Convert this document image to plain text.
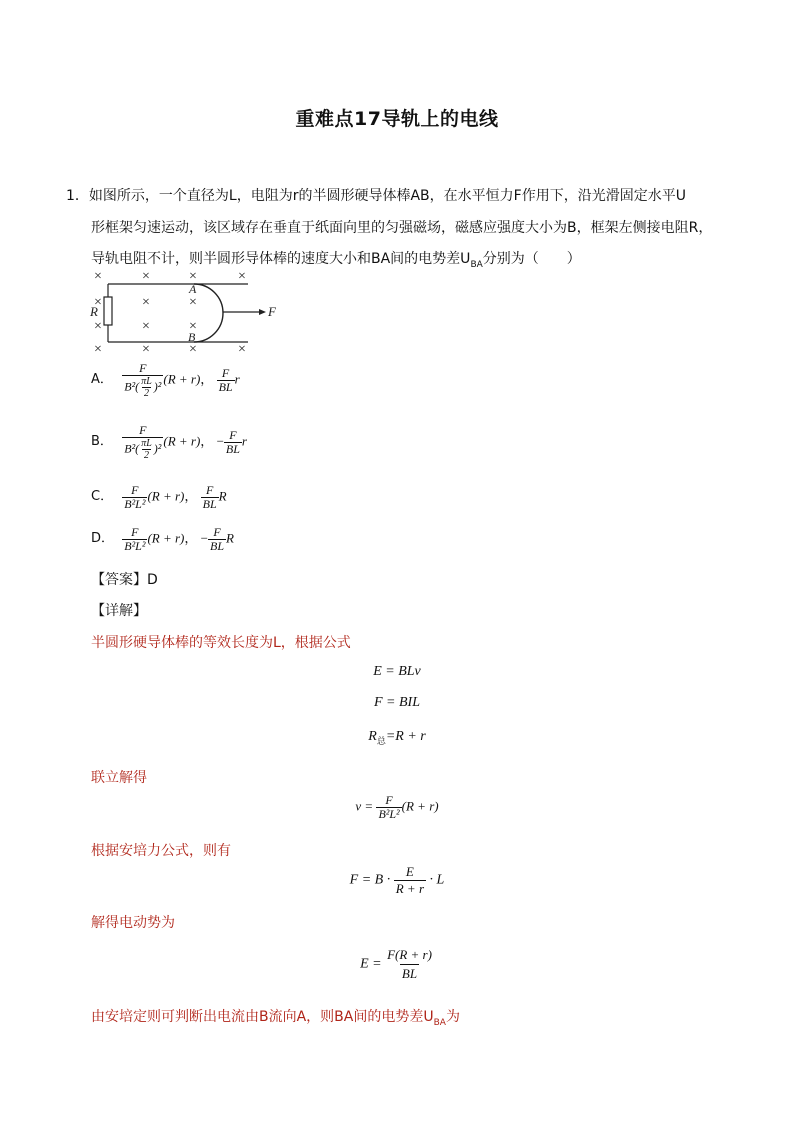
重难点17导轨上的电线
1．如图所示，一个直径为L，电阻为r的半圆形硬导体棒AB，在水平恒力F作用下，沿光滑固定水平U
形框架匀速运动，该区域存在垂直于纸面向里的匀强磁场，磁感应强度大小为B，框架左侧接电阻R，
导轨电阻不计，则半圆形导体棒的速度大小和BA间的电势差$U_{BA}$分别为（　　）
×	×	×	×
×	×	×
×	×	×
×	×	×	×
R
A
B
F
A． $\frac{F}{B^2( \frac{\pi L}{2} )^2} (R + r)$， $\frac{F}{BL}$ r
B． $\frac{F}{B^2( \frac{\pi L}{2} )^2} (R + r)$， − $\frac{F}{BL}$ r
C． $\frac{F}{\text{B²L²}} (R + r)$， $\frac{F}{BL}$ R
D． $\frac{F}{\text{B²L²}} (R + r)$， − $\frac{F}{BL}$ R
【答案】D
【详解】
半圆形硬导体棒的等效长度为L，根据公式
E = BLv
F = BIL
$R_总=R + r$
联立解得
$v = \frac{F}{\text{B²L²}} (R + r)$
根据安培力公式，则有
$F = B \cdot \frac{E}{R + r} \cdot L$
解得电动势为
$E = \frac{F(R + r)}{BL}$
由安培定则可判断出电流由B流向A，则BA间的电势差$U_{BA}$为
